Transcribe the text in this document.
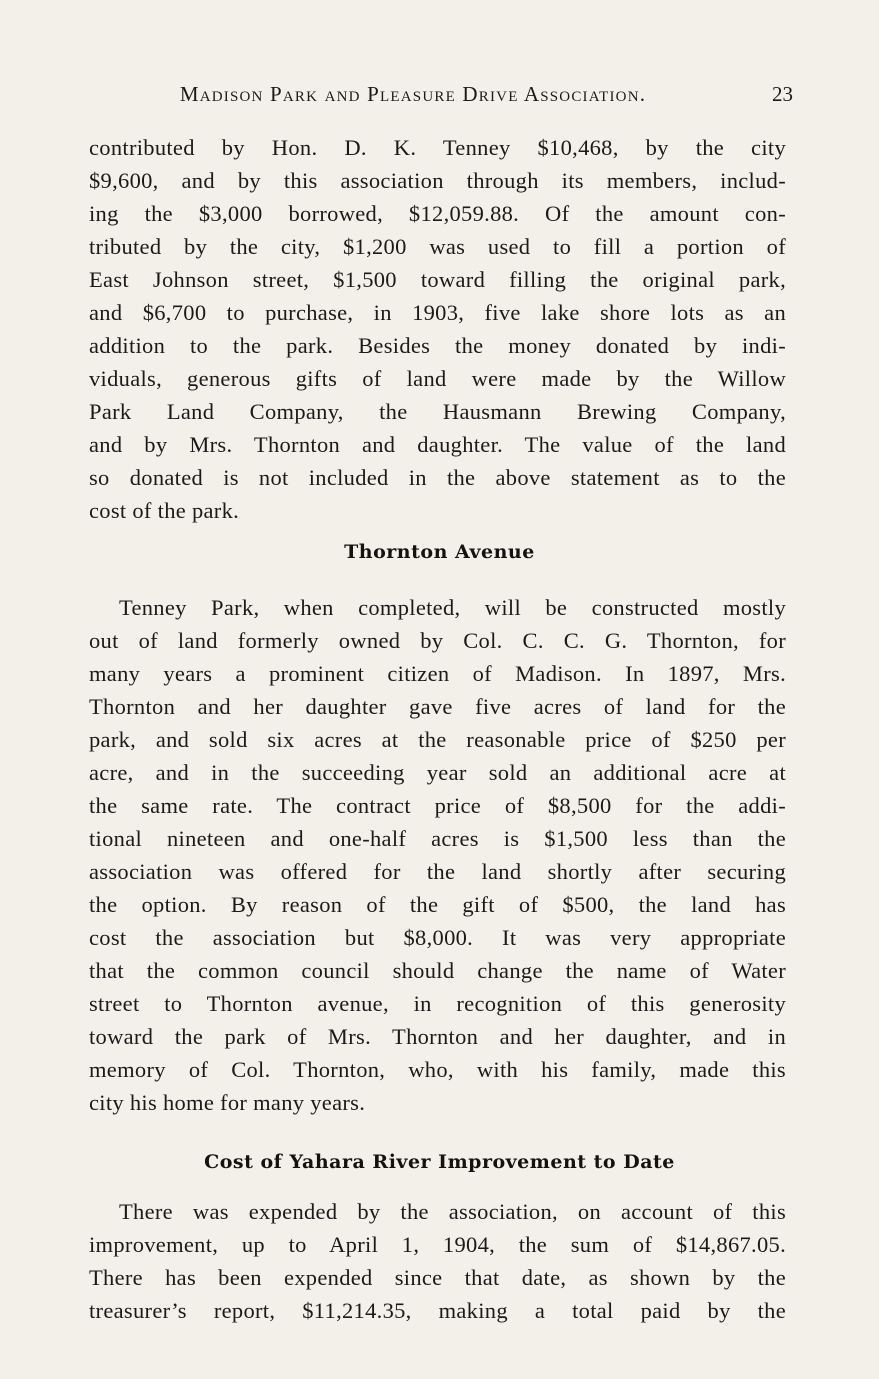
Madison Park and Pleasure Drive Association.	23
contributed by Hon. D. K. Tenney $10,468, by the city
$9,600, and by this association through its members, includ-
ing the $3,000 borrowed, $12,059.88. Of the amount con-
tributed by the city, $1,200 was used to fill a portion of
East Johnson street, $1,500 toward filling the original park,
and $6,700 to purchase, in 1903, five lake shore lots as an
addition to the park. Besides the money donated by indi-
viduals, generous gifts of land were made by the Willow
Park Land Company, the Hausmann Brewing Company,
and by Mrs. Thornton and daughter. The value of the land
so donated is not included in the above statement as to the
cost of the park.
Thornton Avenue
Tenney Park, when completed, will be constructed mostly
out of land formerly owned by Col. C. C. G. Thornton, for
many years a prominent citizen of Madison. In 1897, Mrs.
Thornton and her daughter gave five acres of land for the
park, and sold six acres at the reasonable price of $250 per
acre, and in the succeeding year sold an additional acre at
the same rate. The contract price of $8,500 for the addi-
tional nineteen and one-half acres is $1,500 less than the
association was offered for the land shortly after securing
the option. By reason of the gift of $500, the land has
cost the association but $8,000. It was very appropriate
that the common council should change the name of Water
street to Thornton avenue, in recognition of this generosity
toward the park of Mrs. Thornton and her daughter, and in
memory of Col. Thornton, who, with his family, made this
city his home for many years.
Cost of Yahara River Improvement to Date
There was expended by the association, on account of this
improvement, up to April 1, 1904, the sum of $14,867.05.
There has been expended since that date, as shown by the
treasurer’s report, $11,214.35, making a total paid by the
